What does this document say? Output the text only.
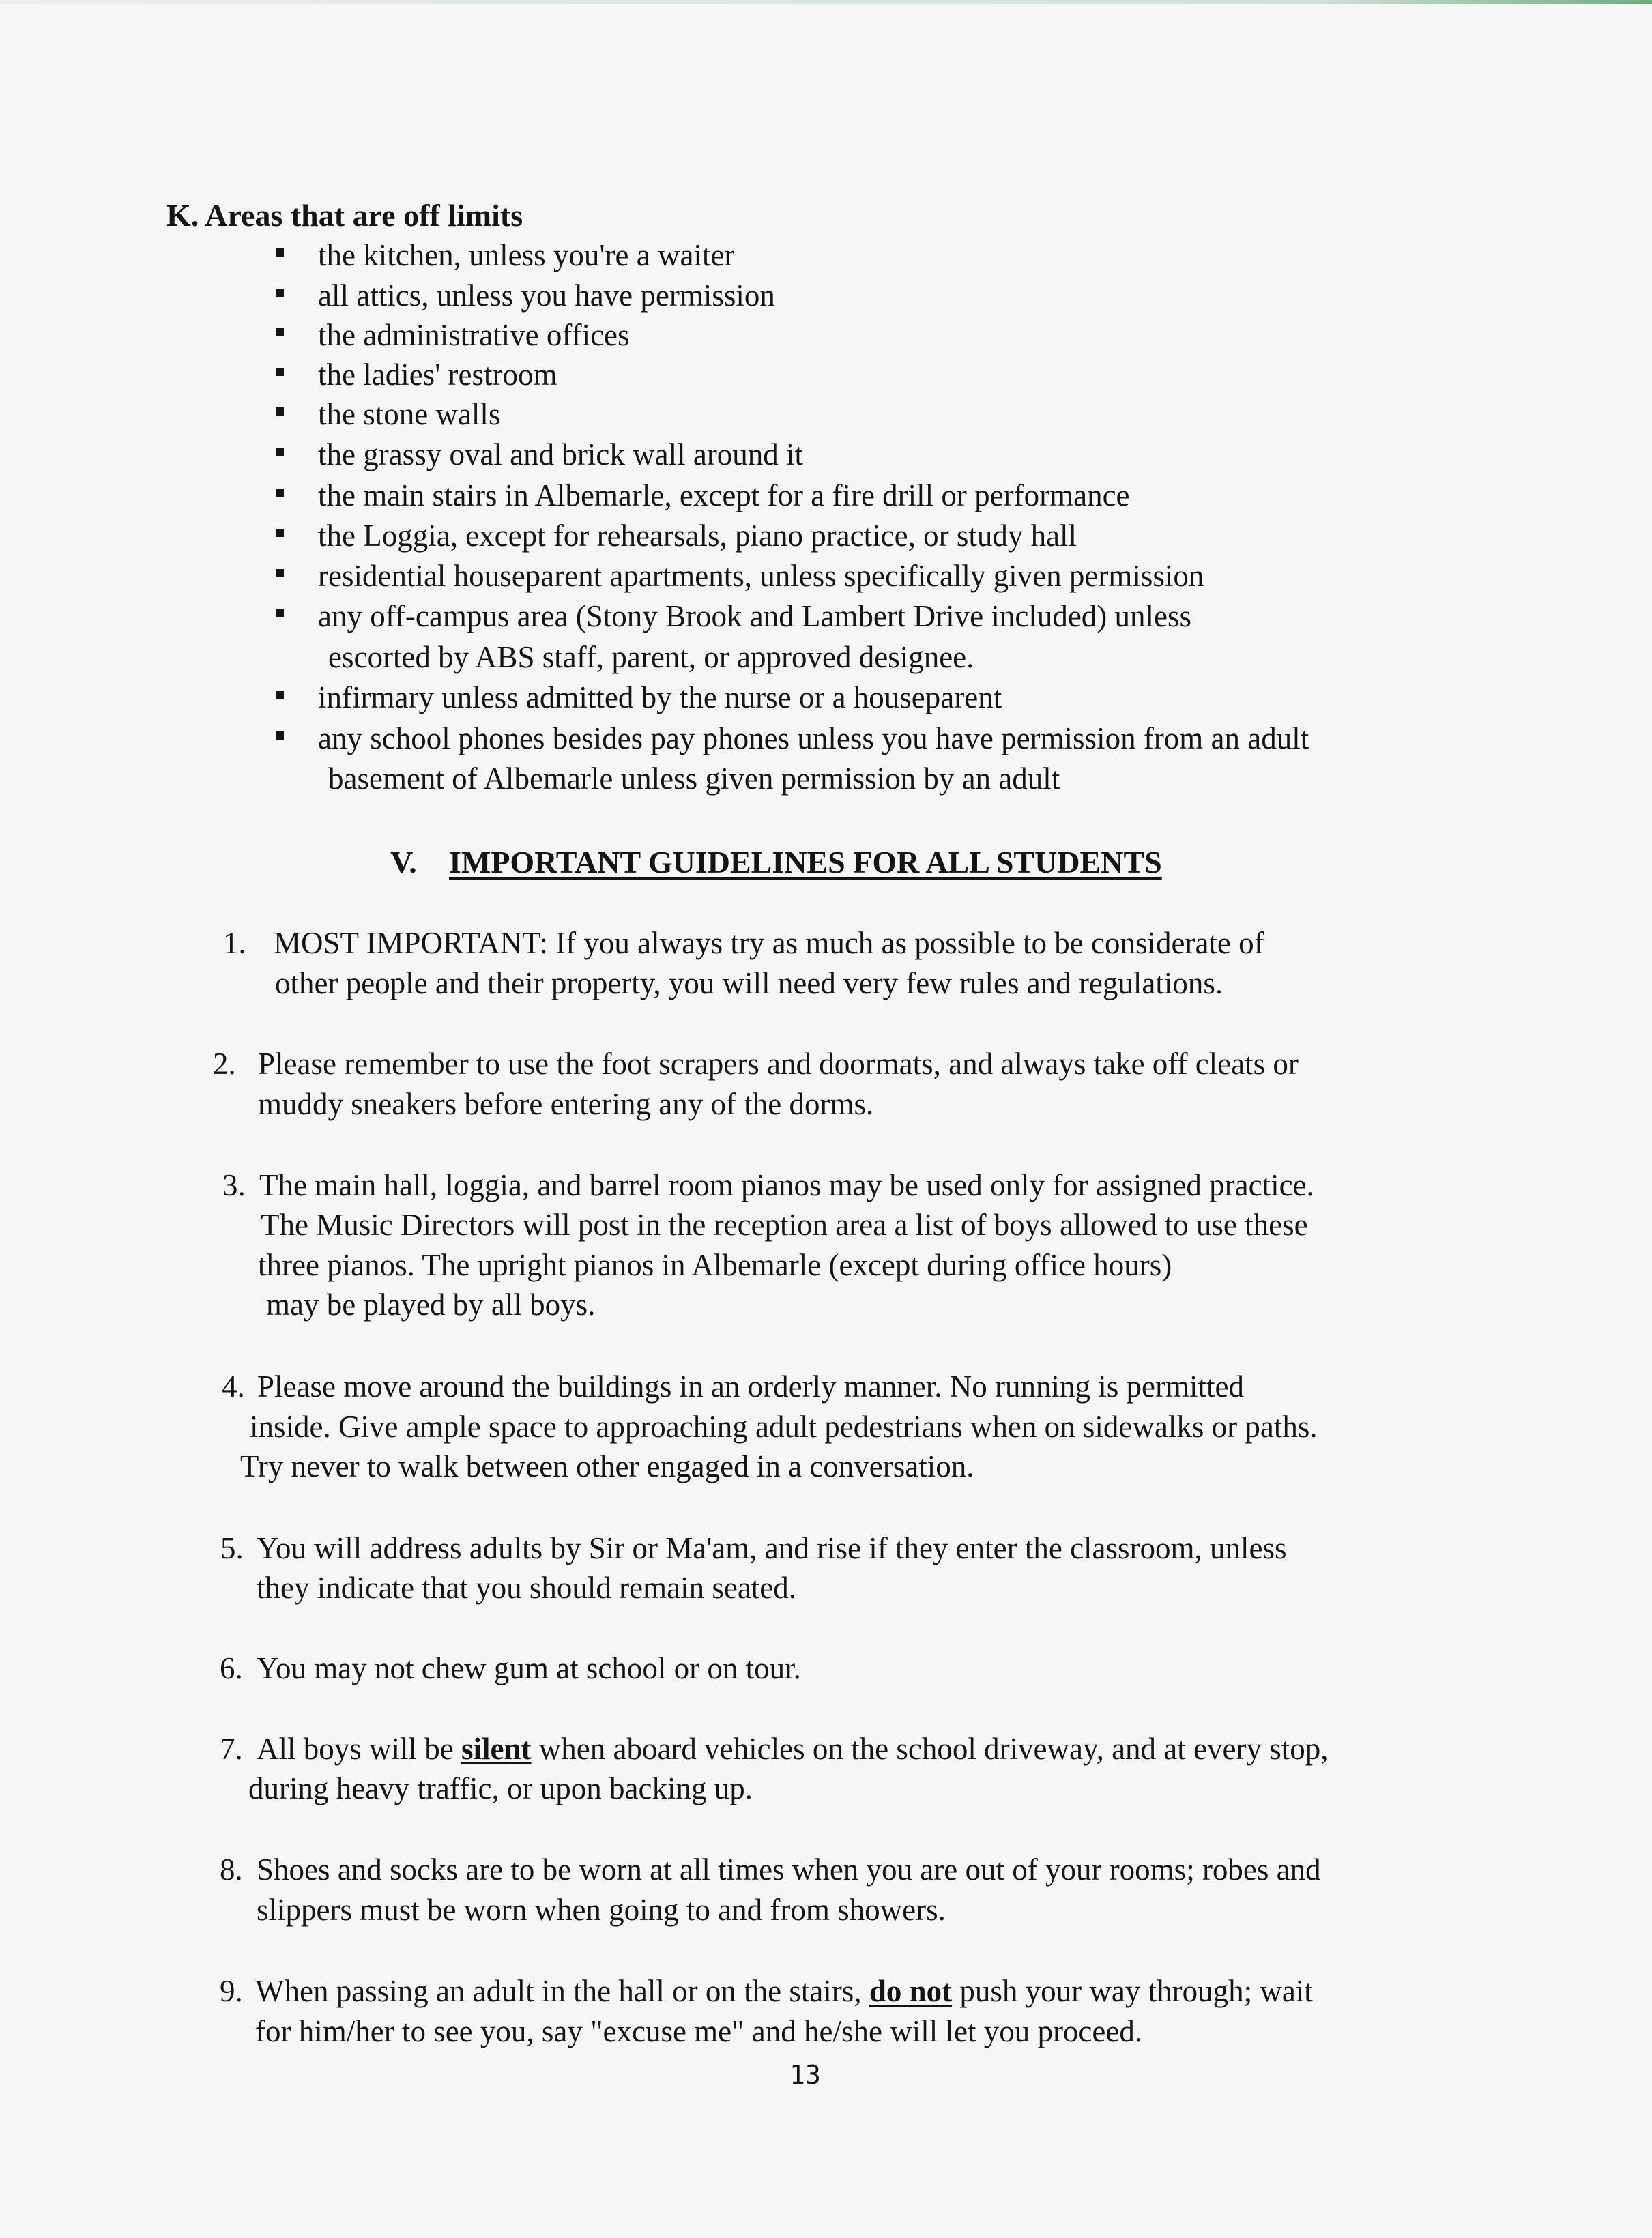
K. Areas that are off limits
the kitchen, unless you're a waiter
all attics, unless you have permission
the administrative offices
the ladies' restroom
the stone walls
the grassy oval and brick wall around it
the main stairs in Albemarle, except for a fire drill or performance
the Loggia, except for rehearsals, piano practice, or study hall
residential houseparent apartments, unless specifically given permission
any off-campus area (Stony Brook and Lambert Drive included) unless
escorted by ABS staff, parent, or approved designee.
infirmary unless admitted by the nurse or a houseparent
any school phones besides pay phones unless you have permission from an adult
basement of Albemarle unless given permission by an adult
V. IMPORTANT GUIDELINES FOR ALL STUDENTS
1. MOST IMPORTANT: If you always try as much as possible to be considerate of
other people and their property, you will need very few rules and regulations.
2. Please remember to use the foot scrapers and doormats, and always take off cleats or
muddy sneakers before entering any of the dorms.
3. The main hall, loggia, and barrel room pianos may be used only for assigned practice.
The Music Directors will post in the reception area a list of boys allowed to use these
three pianos. The upright pianos in Albemarle (except during office hours)
may be played by all boys.
4. Please move around the buildings in an orderly manner. No running is permitted
inside. Give ample space to approaching adult pedestrians when on sidewalks or paths.
Try never to walk between other engaged in a conversation.
5. You will address adults by Sir or Ma'am, and rise if they enter the classroom, unless
they indicate that you should remain seated.
6. You may not chew gum at school or on tour.
7. All boys will be silent when aboard vehicles on the school driveway, and at every stop,
during heavy traffic, or upon backing up.
8. Shoes and socks are to be worn at all times when you are out of your rooms; robes and
slippers must be worn when going to and from showers.
9. When passing an adult in the hall or on the stairs, do not push your way through; wait
for him/her to see you, say "excuse me" and he/she will let you proceed.
13
